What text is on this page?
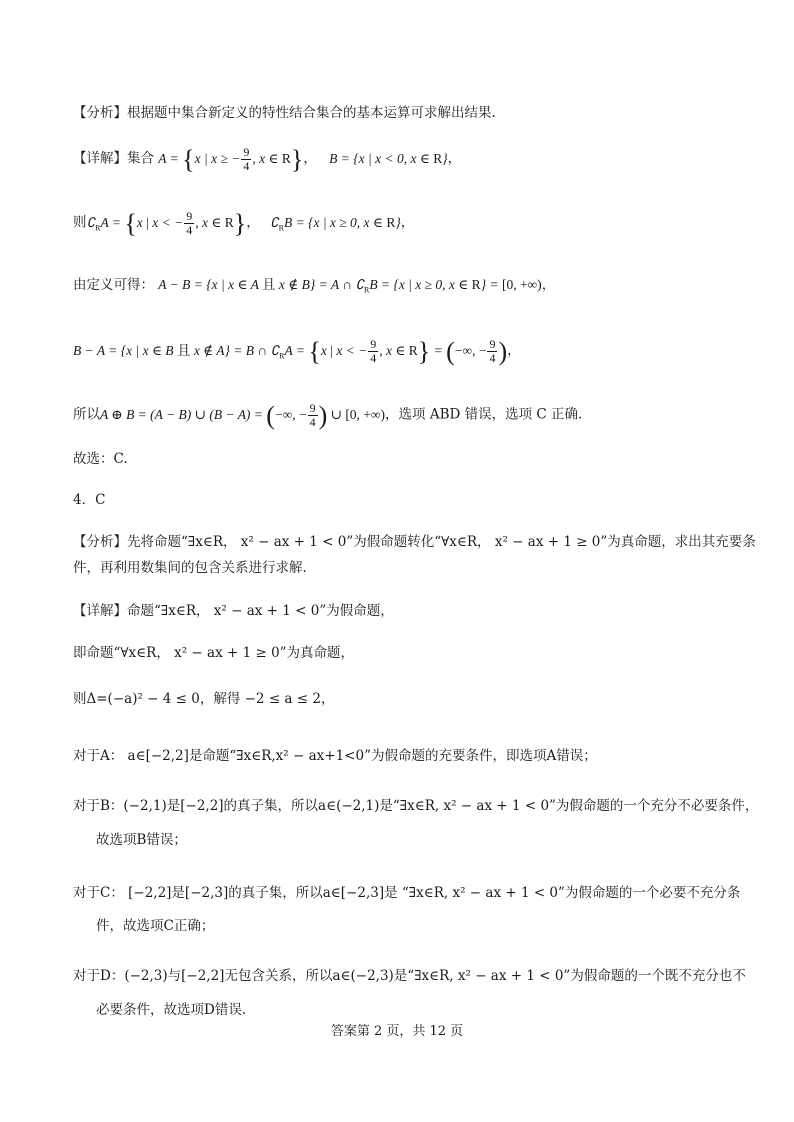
【分析】根据题中集合新定义的特性结合集合的基本运算可求解出结果.
【详解】集合 A = {x | x ≥ − $\frac{9}{4}$ , x ∈ R}， B = {x | x < 0, x ∈ R}，
则$∁_RA = \{x$ | x < − $\frac{9}{4}$ , x ∈ R}， $∁_RB = \{x$ | x ≥ 0, x ∈ R}，
由定义可得： A − B = {x | x ∈ A 且 x ∉ B} = A ∩ $∁_RB = \{x$ | x ≥ 0, x ∈ R} = [0, +∞)，
B − A = {x | x ∈ B 且 x ∉ A} = B ∩ $∁_RA = \{x$ | x < − $\frac{9}{4}$ , x ∈ R} = (−∞, − $\frac{9}{4}$ )，
所以A ⊕ B = (A − B) ∪ (B − A) = (−∞, − $\frac{9}{4}$ ) ∪ [0, +∞)，选项 ABD 错误，选项 C 正确.
故选：C.
4．C
【分析】先将命题“∃x∈R， x² − ax + 1 < 0”为假命题转化“∀x∈R， x² − ax + 1 ≥ 0”为真命题，求出其充要条
件，再利用数集间的包含关系进行求解.
【详解】命题“∃x∈R， x² − ax + 1 < 0”为假命题，
即命题“∀x∈R， x² − ax + 1 ≥ 0”为真命题，
则Δ=(−a)² − 4 ≤ 0，解得 −2 ≤ a ≤ 2，
对于A： a∈[−2,2]是命题“∃x∈R,x² − ax+1<0”为假命题的充要条件，即选项A错误；
对于B：(−2,1)是[−2,2]的真子集，所以a∈(−2,1)是“∃x∈R, x² − ax + 1 < 0”为假命题的一个充分不必要条件，
故选项B错误；
对于C： [−2,2]是[−2,3]的真子集，所以a∈[−2,3]是 “∃x∈R, x² − ax + 1 < 0”为假命题的一个必要不充分条
件，故选项C正确；
对于D：(−2,3)与[−2,2]无包含关系，所以a∈(−2,3)是“∃x∈R, x² − ax + 1 < 0”为假命题的一个既不充分也不
必要条件，故选项D错误.
答案第 2 页，共 12 页
